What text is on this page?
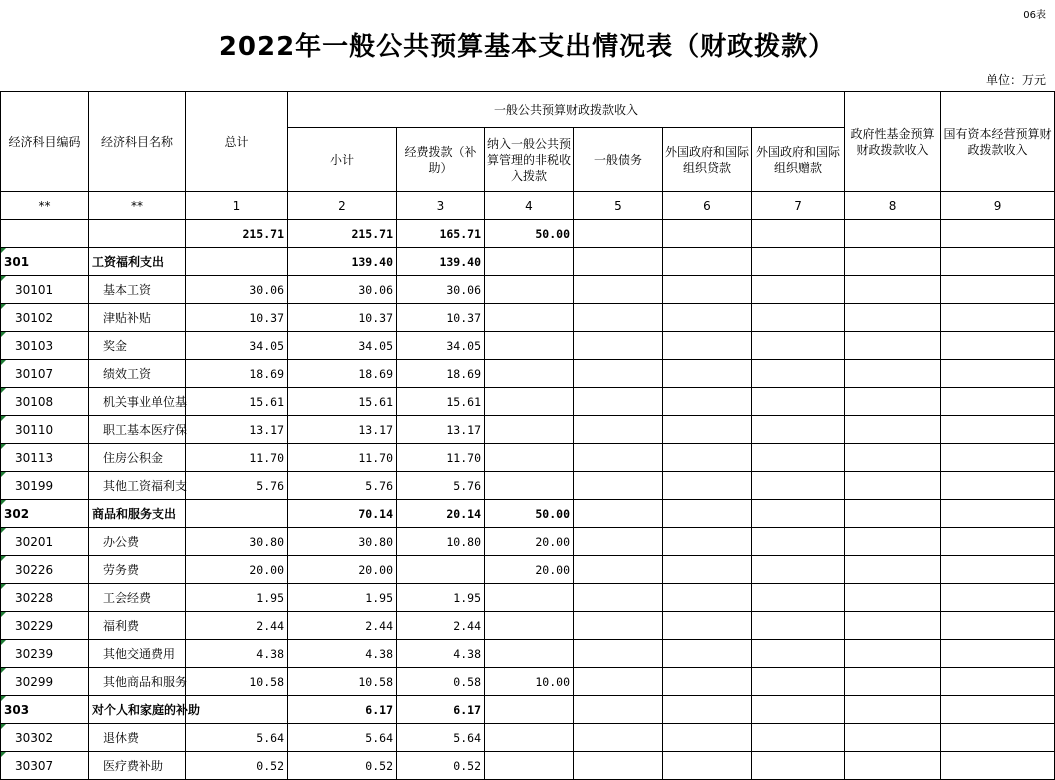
06表
2022年一般公共预算基本支出情况表（财政拨款）
单位：万元
经济科目编码	经济科目名称	总计	一般公共预算财政拨款收入						政府性基金预算财政拨款收入	国有资本经营预算财政拨款收入
			小计	经费拨款（补助）	纳入一般公共预算管理的非税收入拨款	一般债务	外国政府和国际组织贷款	外国政府和国际组织赠款		
**	**	1	2	3	4	5	6	7	8	9
		215.71	215.71	165.71	50.00					
301	工资福利支出		139.40	139.40						
30101	基本工资	30.06	30.06	30.06						
30102	津贴补贴	10.37	10.37	10.37						
30103	奖金	34.05	34.05	34.05						
30107	绩效工资	18.69	18.69	18.69						
30108	机关事业单位基	15.61	15.61	15.61						
30110	职工基本医疗保	13.17	13.17	13.17						
30113	住房公积金	11.70	11.70	11.70						
30199	其他工资福利支	5.76	5.76	5.76						
302	商品和服务支出		70.14	20.14	50.00					
30201	办公费	30.80	30.80	10.80	20.00					
30226	劳务费	20.00	20.00		20.00					
30228	工会经费	1.95	1.95	1.95						
30229	福利费	2.44	2.44	2.44						
30239	其他交通费用	4.38	4.38	4.38						
30299	其他商品和服务	10.58	10.58	0.58	10.00					
303	对个人和家庭的补助		6.17	6.17						
30302	退休费	5.64	5.64	5.64						
30307	医疗费补助	0.52	0.52	0.52						
